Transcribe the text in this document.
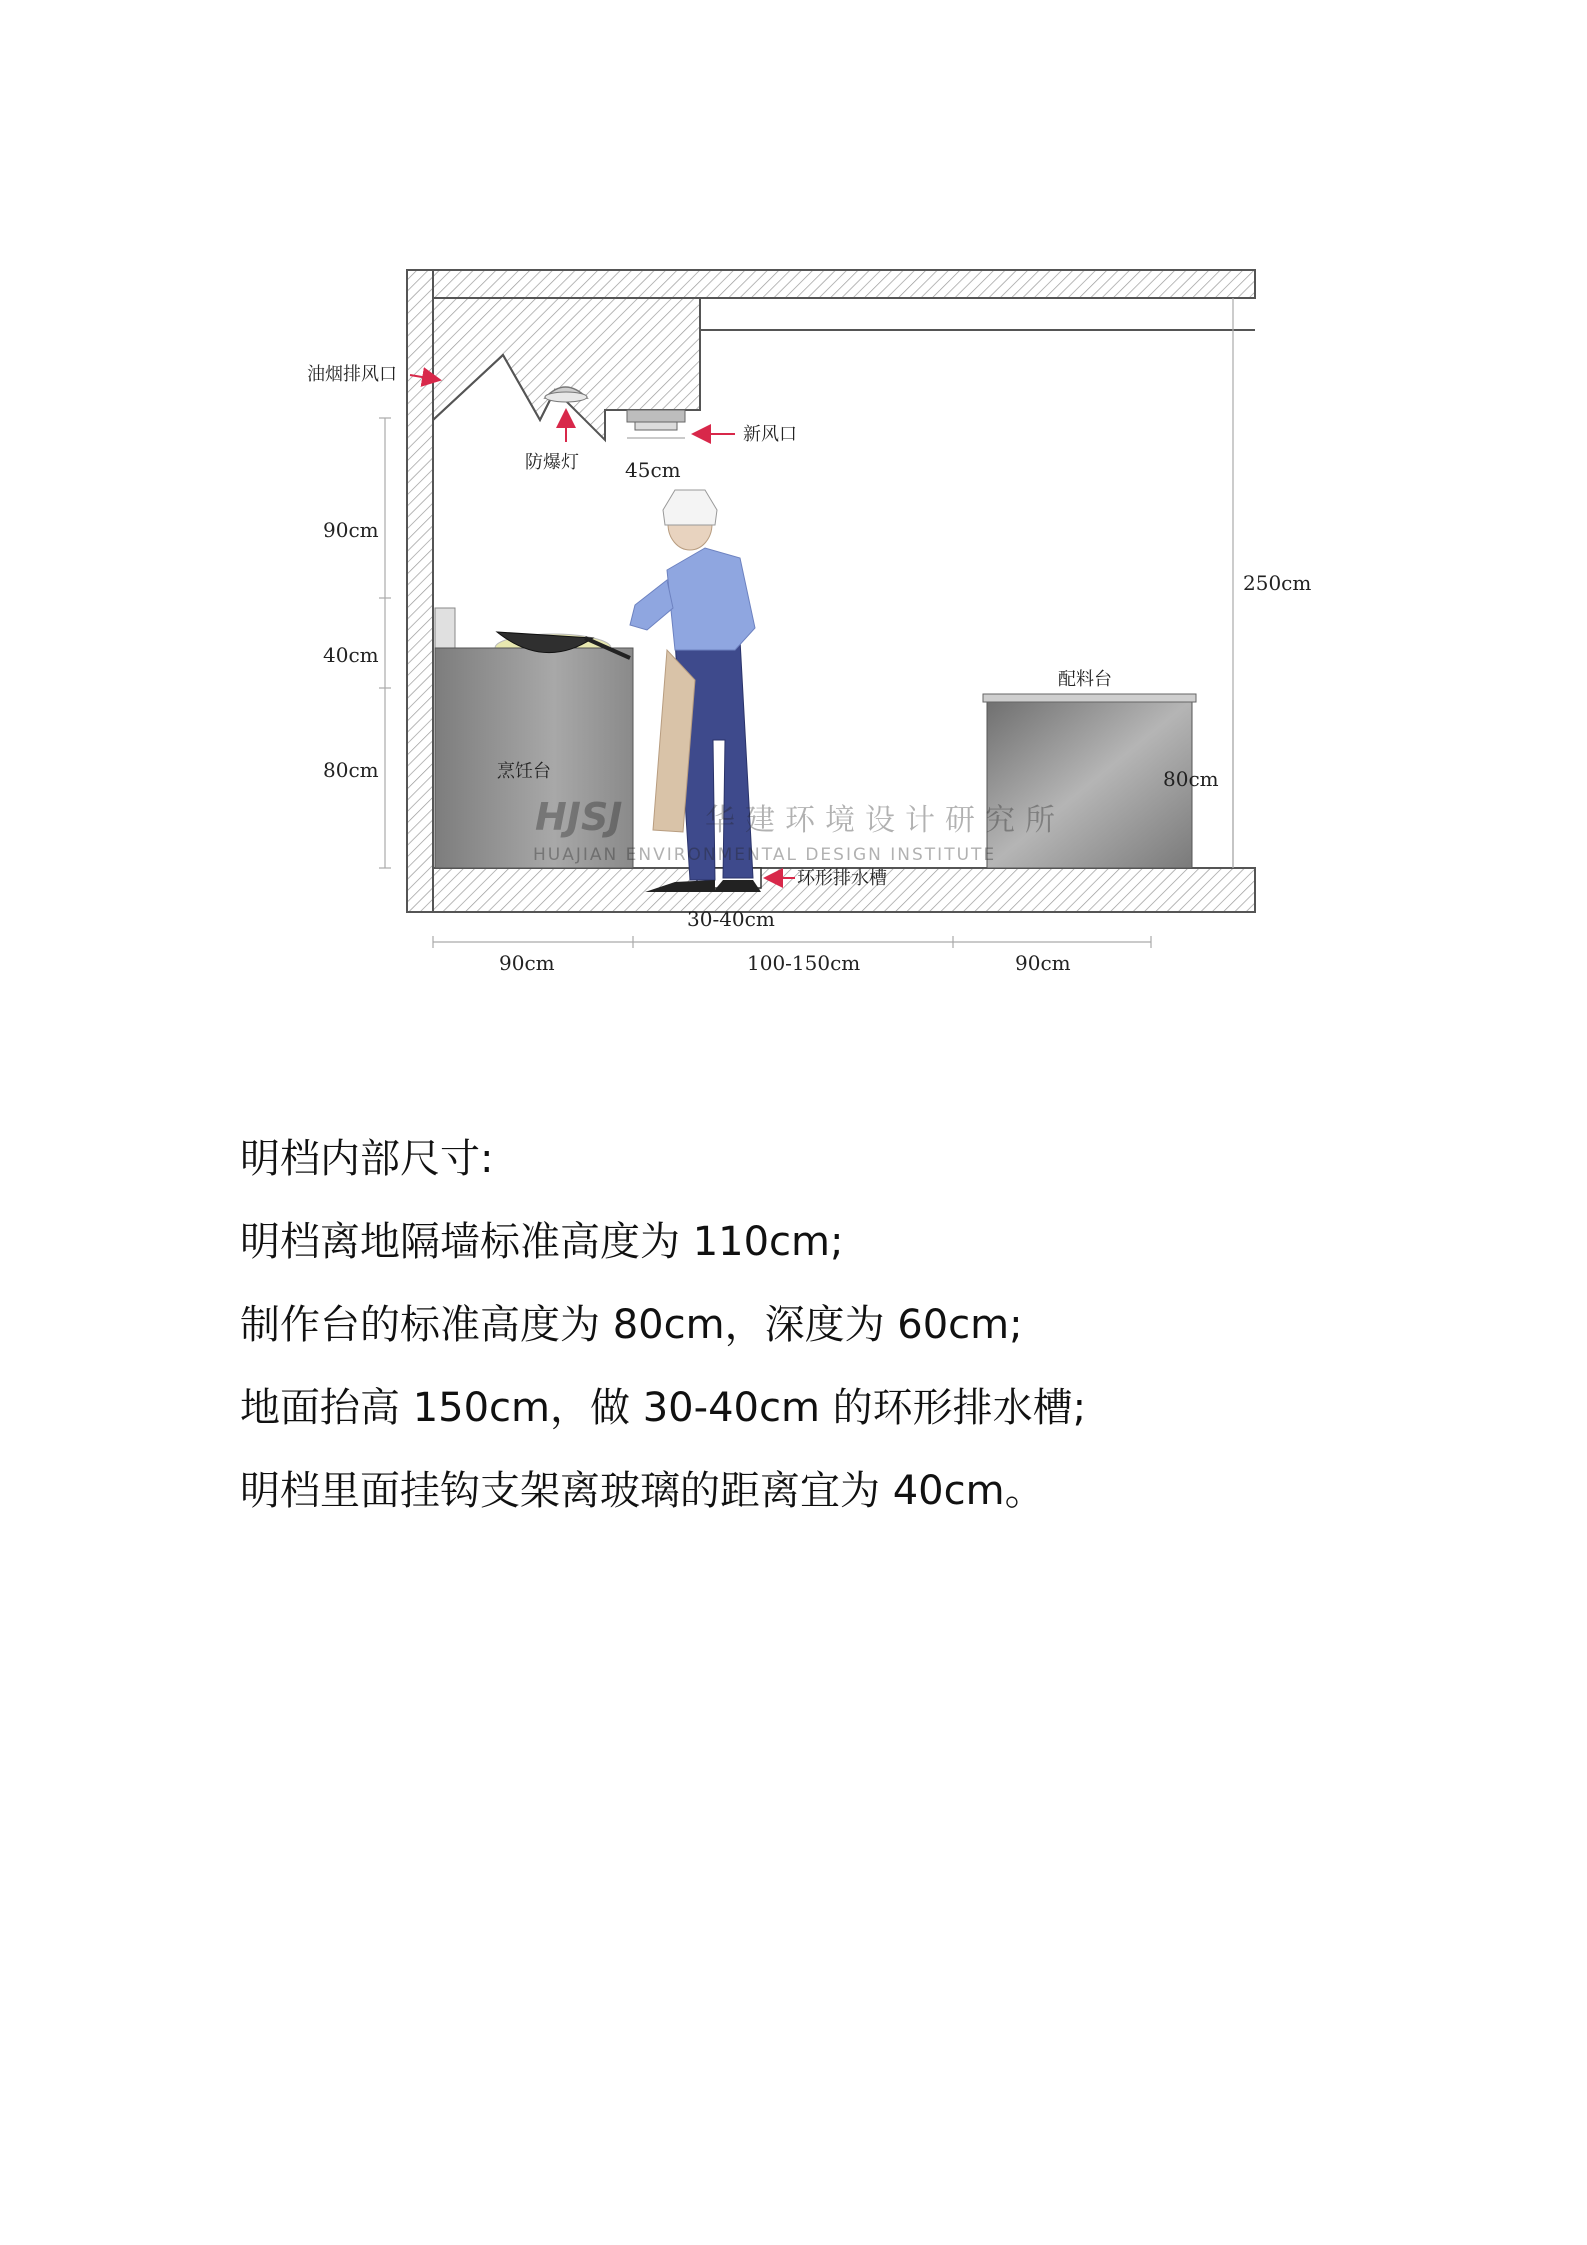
油烟排风口
防爆灯
新风口
烹饪台
配料台
环形排水槽
45cm
90cm
40cm
80cm
250cm
80cm
30-40cm
90cm	100-150cm	90cm
HJSJ	华建环境设计研究所
HUAJIAN ENVIRONMENTAL DESIGN INSTITUTE
明档内部尺寸:
明档离地隔墙标准高度为 110cm;
制作台的标准高度为 80cm，深度为 60cm;
地面抬高 150cm，做 30-40cm 的环形排水槽;
明档里面挂钩支架离玻璃的距离宜为 40cm。
